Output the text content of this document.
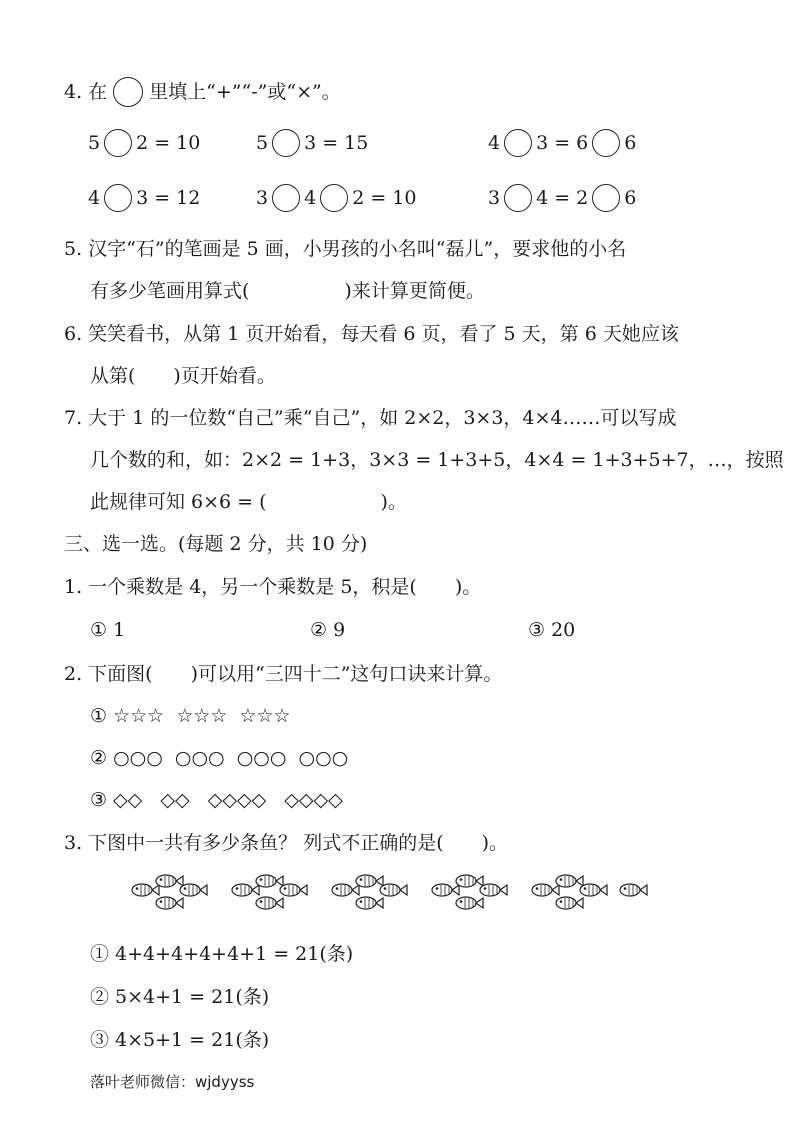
4. 在 里填上“+”“-”或“×”。
5 2 = 10	5 3 = 15	4 3 = 6 6
4 3 = 12	3 4 2 = 10	3 4 = 2 6
5. 汉字“石”的笔画是 5 画，小男孩的小名叫“磊儿”，要求他的小名
有多少笔画用算式(　　　　　)来计算更简便。
6. 笑笑看书，从第 1 页开始看，每天看 6 页，看了 5 天，第 6 天她应该
从第(　　)页开始看。
7. 大于 1 的一位数“自己”乘“自己”，如 2×2，3×3，4×4……可以写成
几个数的和，如：2×2 = 1+3，3×3 = 1+3+5，4×4 = 1+3+5+7，…，按照
此规律可知 6×6 = (　　　　　　)。
三、选一选。(每题 2 分，共 10 分)
1. 一个乘数是 4，另一个乘数是 5，积是(　　)。
① 1	② 9	③ 20
2. 下面图(　　)可以用“三四十二”这句口诀来计算。
① ☆☆☆  ☆☆☆  ☆☆☆
② ○○○  ○○○  ○○○  ○○○
③ ◇◇   ◇◇   ◇◇◇◇   ◇◇◇◇
3. 下图中一共有多少条鱼？ 列式不正确的是(　　)。
① 4+4+4+4+4+1 = 21(条)
② 5×4+1 = 21(条)
③ 4×5+1 = 21(条)
落叶老师微信：wjdyyss
